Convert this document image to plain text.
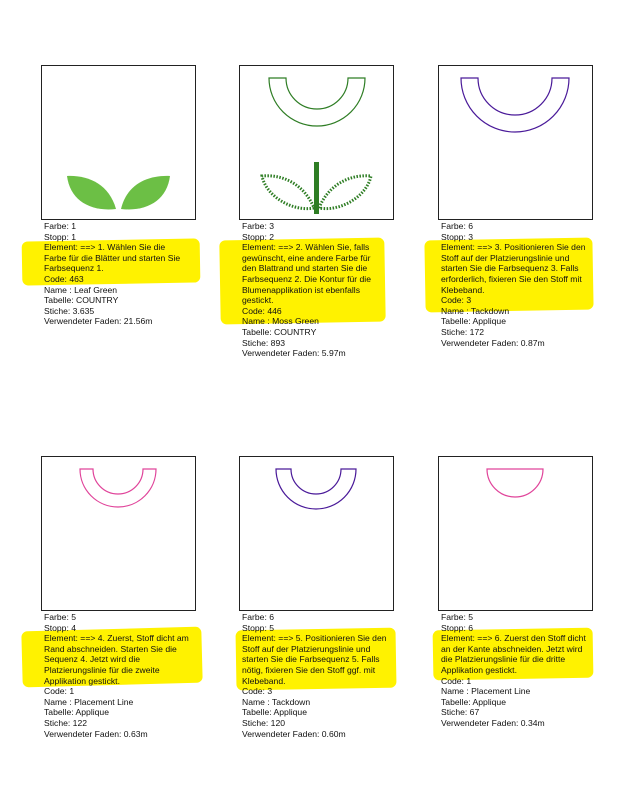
Farbe: 1
Stopp: 1
Element: ==> 1. Wählen Sie die Farbe für die Blätter und starten Sie Farbsequenz 1.
Code: 463
Name : Leaf Green
Tabelle: COUNTRY
Stiche: 3.635
Verwendeter Faden: 21.56m
Farbe: 3
Stopp: 2
Element: ==> 2. Wählen Sie, falls gewünscht, eine andere Farbe für den Blattrand und starten Sie die Farbsequenz 2. Die Kontur für die Blumenapplikation ist ebenfalls gestickt.
Code: 446
Name : Moss Green
Tabelle: COUNTRY
Stiche: 893
Verwendeter Faden: 5.97m
Farbe: 6
Stopp: 3
Element: ==> 3. Positionieren Sie den Stoff auf der Platzierungslinie und starten Sie die Farbsequenz 3. Falls erforderlich, fixieren Sie den Stoff mit Klebeband.
Code: 3
Name : Tackdown
Tabelle: Applique
Stiche: 172
Verwendeter Faden: 0.87m
Farbe: 5
Stopp: 4
Element: ==> 4. Zuerst, Stoff dicht am Rand abschneiden. Starten Sie die Sequenz 4. Jetzt wird die Platzierungslinie für die zweite Applikation gestickt.
Code: 1
Name : Placement Line
Tabelle: Applique
Stiche: 122
Verwendeter Faden: 0.63m
Farbe: 6
Stopp: 5
Element: ==> 5. Positionieren Sie den Stoff auf der Platzierungslinie und starten Sie die Farbsequenz 5. Falls nötig, fixieren Sie den Stoff ggf. mit Klebeband.
Code: 3
Name : Tackdown
Tabelle: Applique
Stiche: 120
Verwendeter Faden: 0.60m
Farbe: 5
Stopp: 6
Element: ==> 6. Zuerst den Stoff dicht an der Kante abschneiden. Jetzt wird die Platzierungslinie für die dritte Applikation gestickt.
Code: 1
Name : Placement Line
Tabelle: Applique
Stiche: 67
Verwendeter Faden: 0.34m
